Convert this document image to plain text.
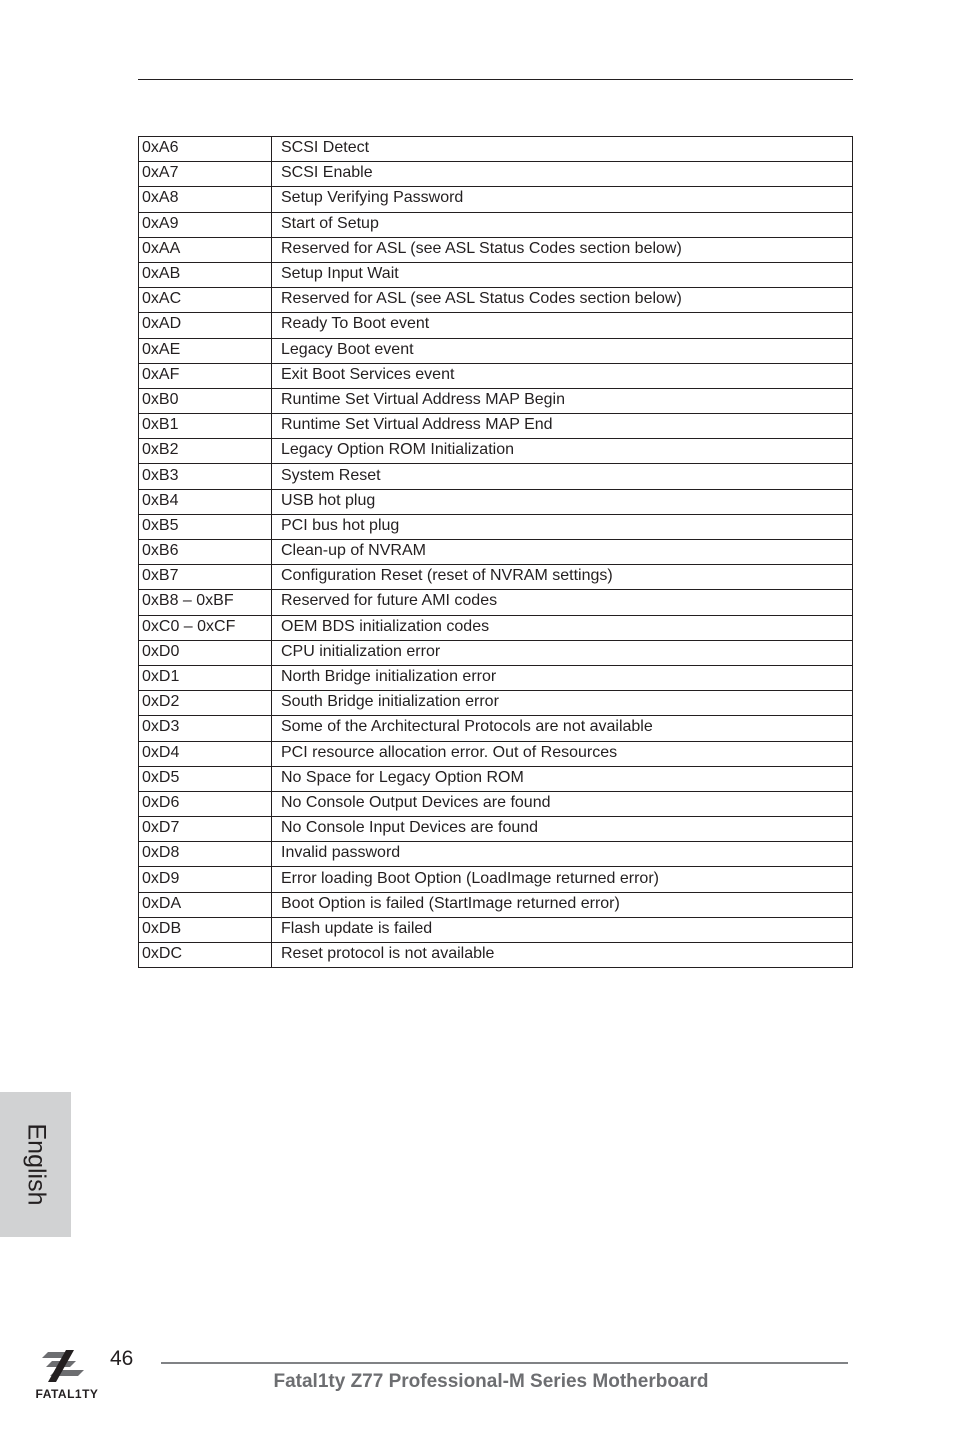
0xA6	SCSI Detect
0xA7	SCSI Enable
0xA8	Setup Verifying Password
0xA9	Start of Setup
0xAA	Reserved for ASL (see ASL Status Codes section below)
0xAB	Setup Input Wait
0xAC	Reserved for ASL (see ASL Status Codes section below)
0xAD	Ready To Boot event
0xAE	Legacy Boot event
0xAF	Exit Boot Services event
0xB0	Runtime Set Virtual Address MAP Begin
0xB1	Runtime Set Virtual Address MAP End
0xB2	Legacy Option ROM Initialization
0xB3	System Reset
0xB4	USB hot plug
0xB5	PCI bus hot plug
0xB6	Clean-up of NVRAM
0xB7	Configuration Reset (reset of NVRAM settings)
0xB8 – 0xBF	Reserved for future AMI codes
0xC0 – 0xCF	OEM BDS initialization codes
0xD0	CPU initialization error
0xD1	North Bridge initialization error
0xD2	South Bridge initialization error
0xD3	Some of the Architectural Protocols are not available
0xD4	PCI resource allocation error. Out of Resources
0xD5	No Space for Legacy Option ROM
0xD6	No Console Output Devices are found
0xD7	No Console Input Devices are found
0xD8	Invalid password
0xD9	Error loading Boot Option (LoadImage returned error)
0xDA	Boot Option is failed (StartImage returned error)
0xDB	Flash update is failed
0xDC	Reset protocol is not available
English
FATAL1TY
46
Fatal1ty Z77 Professional-M Series Motherboard
